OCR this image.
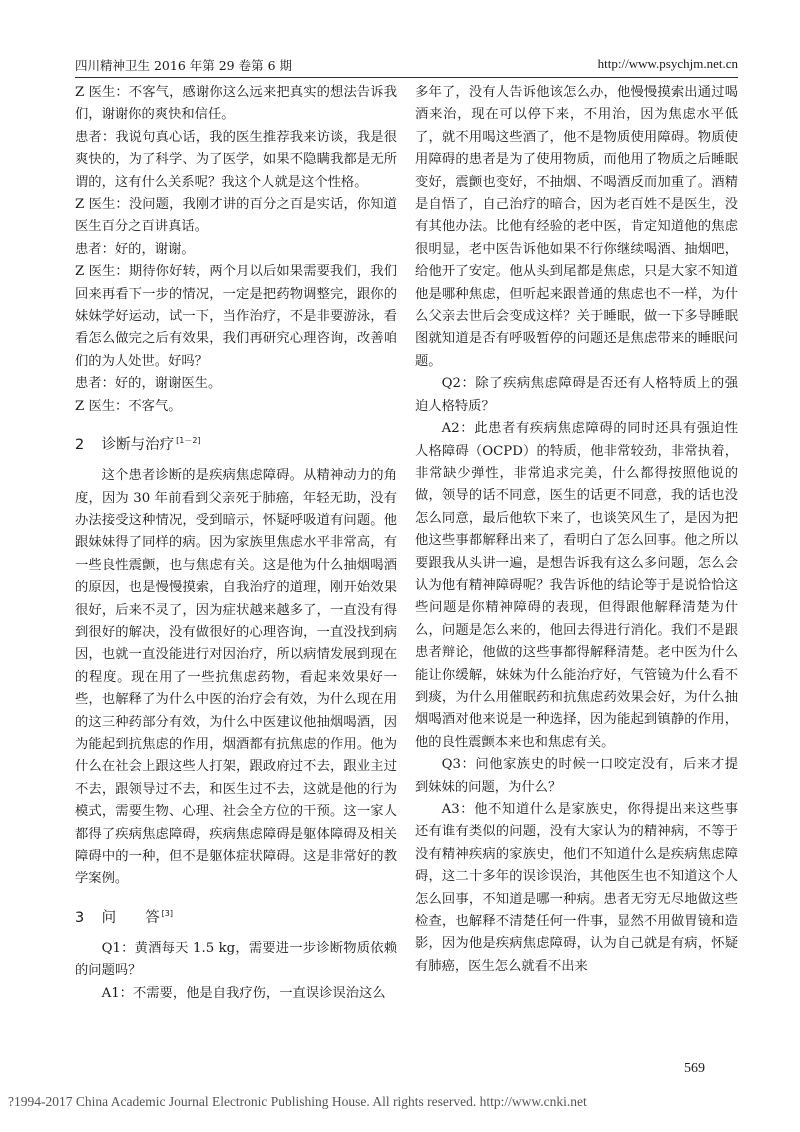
四川精神卫生 2016 年第 29 卷第 6 期	http://www.psychjm.net.cn

Z 医生：不客气，感谢你这么远来把真实的想法告诉我们，谢谢你的爽快和信任。

患者：我说句真心话，我的医生推荐我来访谈，我是很爽快的，为了科学、为了医学，如果不隐瞒我都是无所谓的，这有什么关系呢？我这个人就是这个性格。

Z 医生：没问题，我刚才讲的百分之百是实话，你知道医生百分之百讲真话。

患者：好的，谢谢。

Z 医生：期待你好转，两个月以后如果需要我们，我们回来再看下一步的情况，一定是把药物调整完，跟你的妹妹学好运动，试一下，当作治疗，不是非要游泳，看看怎么做完之后有效果，我们再研究心理咨询，改善咱们的为人处世。好吗？

患者：好的，谢谢医生。

Z 医生：不客气。

2 诊断与治疗 [1－2]

这个患者诊断的是疾病焦虑障碍。从精神动力的角度，因为 30 年前看到父亲死于肺癌，年轻无助，没有办法接受这种情况，受到暗示，怀疑呼吸道有问题。他跟妹妹得了同样的病。因为家族里焦虑水平非常高，有一些良性震颤，也与焦虑有关。这是他为什么抽烟喝酒的原因，也是慢慢摸索，自我治疗的道理，刚开始效果很好，后来不灵了，因为症状越来越多了，一直没有得到很好的解决，没有做很好的心理咨询，一直没找到病因，也就一直没能进行对因治疗，所以病情发展到现在的程度。现在用了一些抗焦虑药物，看起来效果好一些，也解释了为什么中医的治疗会有效，为什么现在用的这三种药部分有效，为什么中医建议他抽烟喝酒，因为能起到抗焦虑的作用，烟酒都有抗焦虑的作用。他为什么在社会上跟这些人打架，跟政府过不去，跟业主过不去，跟领导过不去，和医生过不去，这就是他的行为模式，需要生物、心理、社会全方位的干预。这一家人都得了疾病焦虑障碍，疾病焦虑障碍是躯体障碍及相关障碍中的一种，但不是躯体症状障碍。这是非常好的教学案例。

3 问　　答 [3]

Q1：黄酒每天 1.5 kg，需要进一步诊断物质依赖的问题吗？

A1：不需要，他是自我疗伤，一直误诊误治这么

多年了，没有人告诉他该怎么办，他慢慢摸索出通过喝酒来治，现在可以停下来，不用治，因为焦虑水平低了，就不用喝这些酒了，他不是物质使用障碍。物质使用障碍的患者是为了使用物质，而他用了物质之后睡眠变好，震颤也变好，不抽烟、不喝酒反而加重了。酒精是自悟了，自己治疗的暗合，因为老百姓不是医生，没有其他办法。比他有经验的老中医，肯定知道他的焦虑很明显，老中医告诉他如果不行你继续喝酒、抽烟吧，给他开了安定。他从头到尾都是焦虑，只是大家不知道他是哪种焦虑，但听起来跟普通的焦虑也不一样，为什么父亲去世后会变成这样？关于睡眠，做一下多导睡眠图就知道是否有呼吸暂停的问题还是焦虑带来的睡眠问题。

Q2：除了疾病焦虑障碍是否还有人格特质上的强迫人格特质？

A2：此患者有疾病焦虑障碍的同时还具有强迫性人格障碍（OCPD）的特质，他非常较劲，非常执着，非常缺少弹性，非常追求完美，什么都得按照他说的做，领导的话不同意，医生的话更不同意，我的话也没怎么同意，最后他软下来了，也谈笑风生了，是因为把他这些事都解释出来了，看明白了怎么回事。他之所以要跟我从头讲一遍，是想告诉我有这么多问题，怎么会认为他有精神障碍呢？我告诉他的结论等于是说恰恰这些问题是你精神障碍的表现，但得跟他解释清楚为什么，问题是怎么来的，他回去得进行消化。我们不是跟患者辩论，他做的这些事都得解释清楚。老中医为什么能让你缓解，妹妹为什么能治疗好，气管镜为什么看不到痰，为什么用催眠药和抗焦虑药效果会好，为什么抽烟喝酒对他来说是一种选择，因为能起到镇静的作用，他的良性震颤本来也和焦虑有关。

Q3：问他家族史的时候一口咬定没有，后来才提到妹妹的问题，为什么？

A3：他不知道什么是家族史，你得提出来这些事还有谁有类似的问题，没有大家认为的精神病，不等于没有精神疾病的家族史，他们不知道什么是疾病焦虑障碍，这二十多年的误诊误治，其他医生也不知道这个人怎么回事，不知道是哪一种病。患者无穷无尽地做这些检查，也解释不清楚任何一件事，显然不用做胃镜和造影，因为他是疾病焦虑障碍，认为自己就是有病，怀疑有肺癌，医生怎么就看不出来

569
?1994-2017 China Academic Journal Electronic Publishing House. All rights reserved. http://www.cnki.net
